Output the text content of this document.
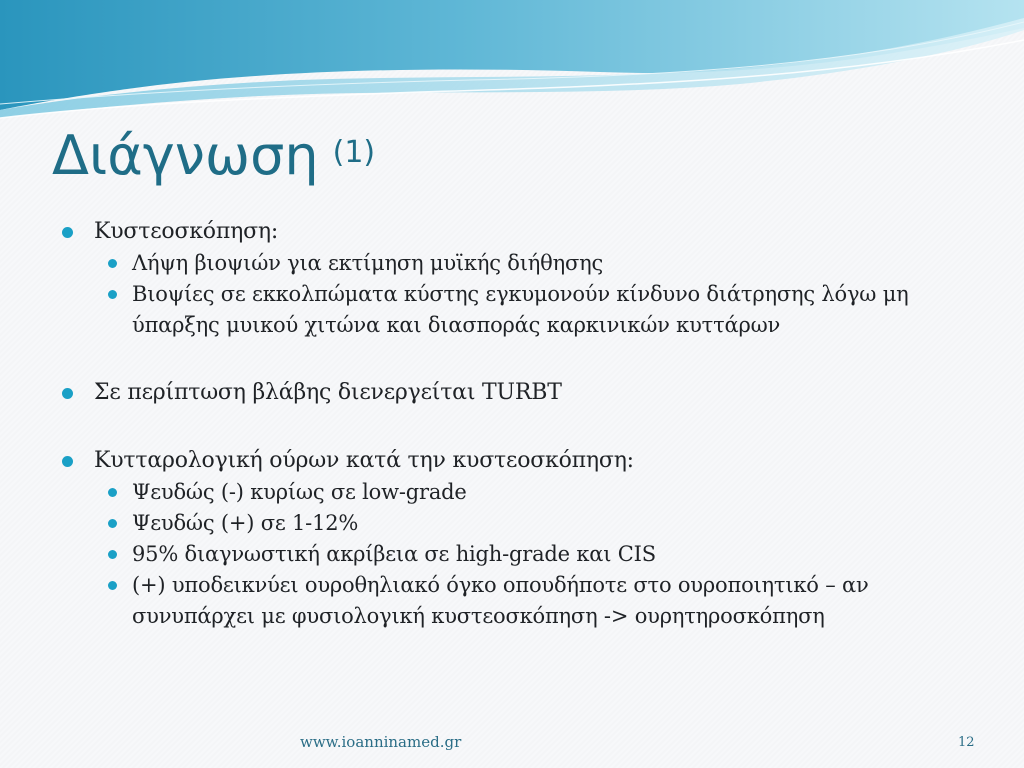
Διάγνωση $^{(1)}$
Κυστεοσκόπηση:
Λήψη βιοψιών για εκτίμηση μυϊκής διήθησης
Βιοψίες σε εκκολπώματα κύστης εγκυμονούν κίνδυνο διάτρησης λόγω μη ύπαρξης μυικού χιτώνα και διασποράς καρκινικών κυττάρων
Σε περίπτωση βλάβης διενεργείται TURBT
Κυτταρολογική ούρων κατά την κυστεοσκόπηση:
Ψευδώς (-) κυρίως σε low-grade
Ψευδώς (+) σε 1-12%
95% διαγνωστική ακρίβεια σε high-grade και CIS
(+) υποδεικνύει ουροθηλιακό όγκο οπουδήποτε στο ουροποιητικό – αν συνυπάρχει με φυσιολογική κυστεοσκόπηση -> ουρητηροσκόπηση
www.ioanninamed.gr	12
